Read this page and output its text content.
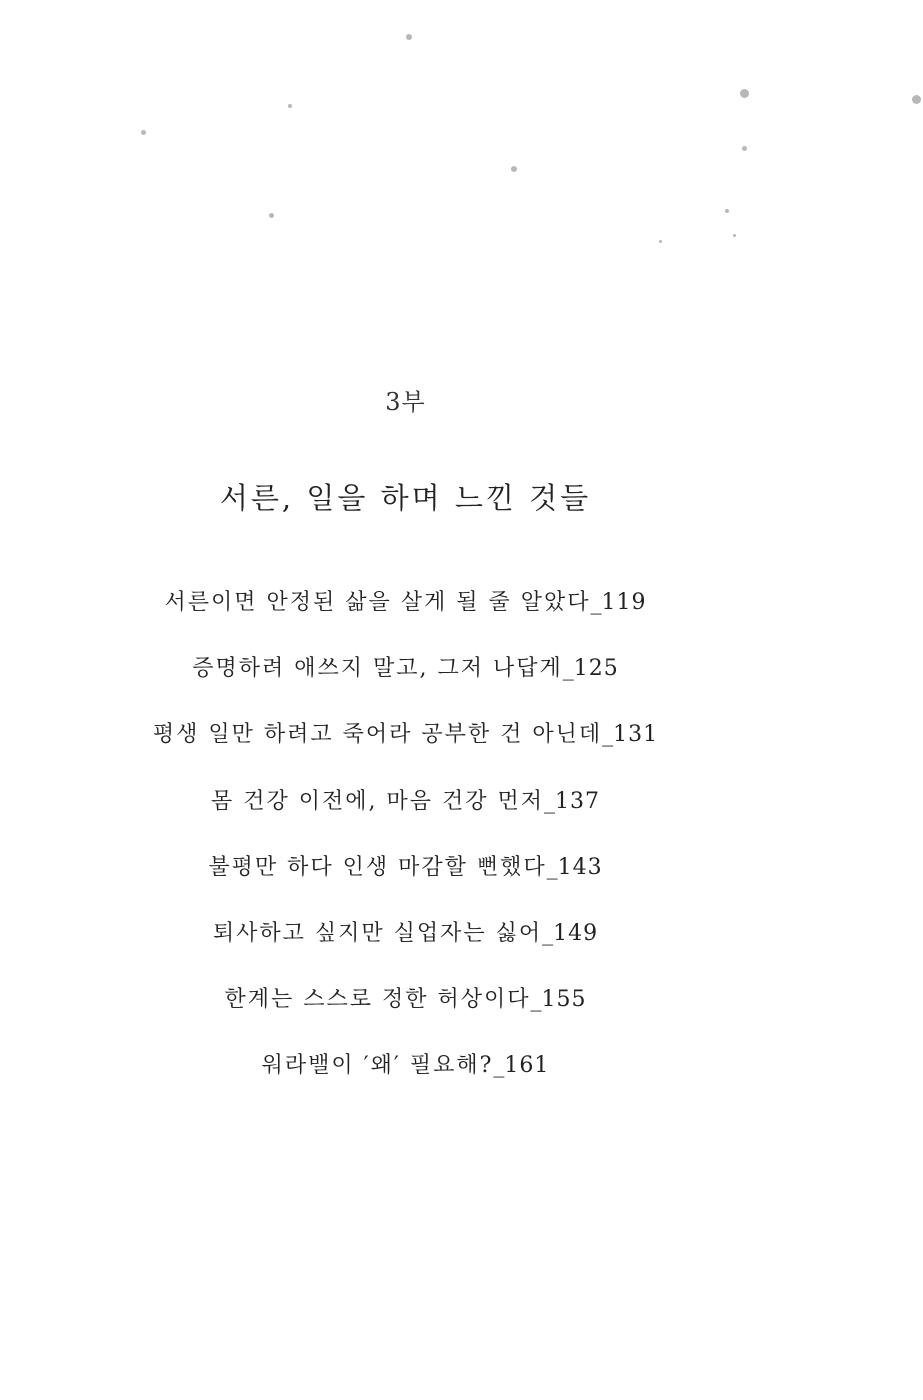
3부
서른, 일을 하며 느낀 것들
서른이면 안정된 삶을 살게 될 줄 알았다_119
증명하려 애쓰지 말고, 그저 나답게_125
평생 일만 하려고 죽어라 공부한 건 아닌데_131
몸 건강 이전에, 마음 건강 먼저_137
불평만 하다 인생 마감할 뻔했다_143
퇴사하고 싶지만 실업자는 싫어_149
한계는 스스로 정한 허상이다_155
워라밸이 ′왜′ 필요해?_161
